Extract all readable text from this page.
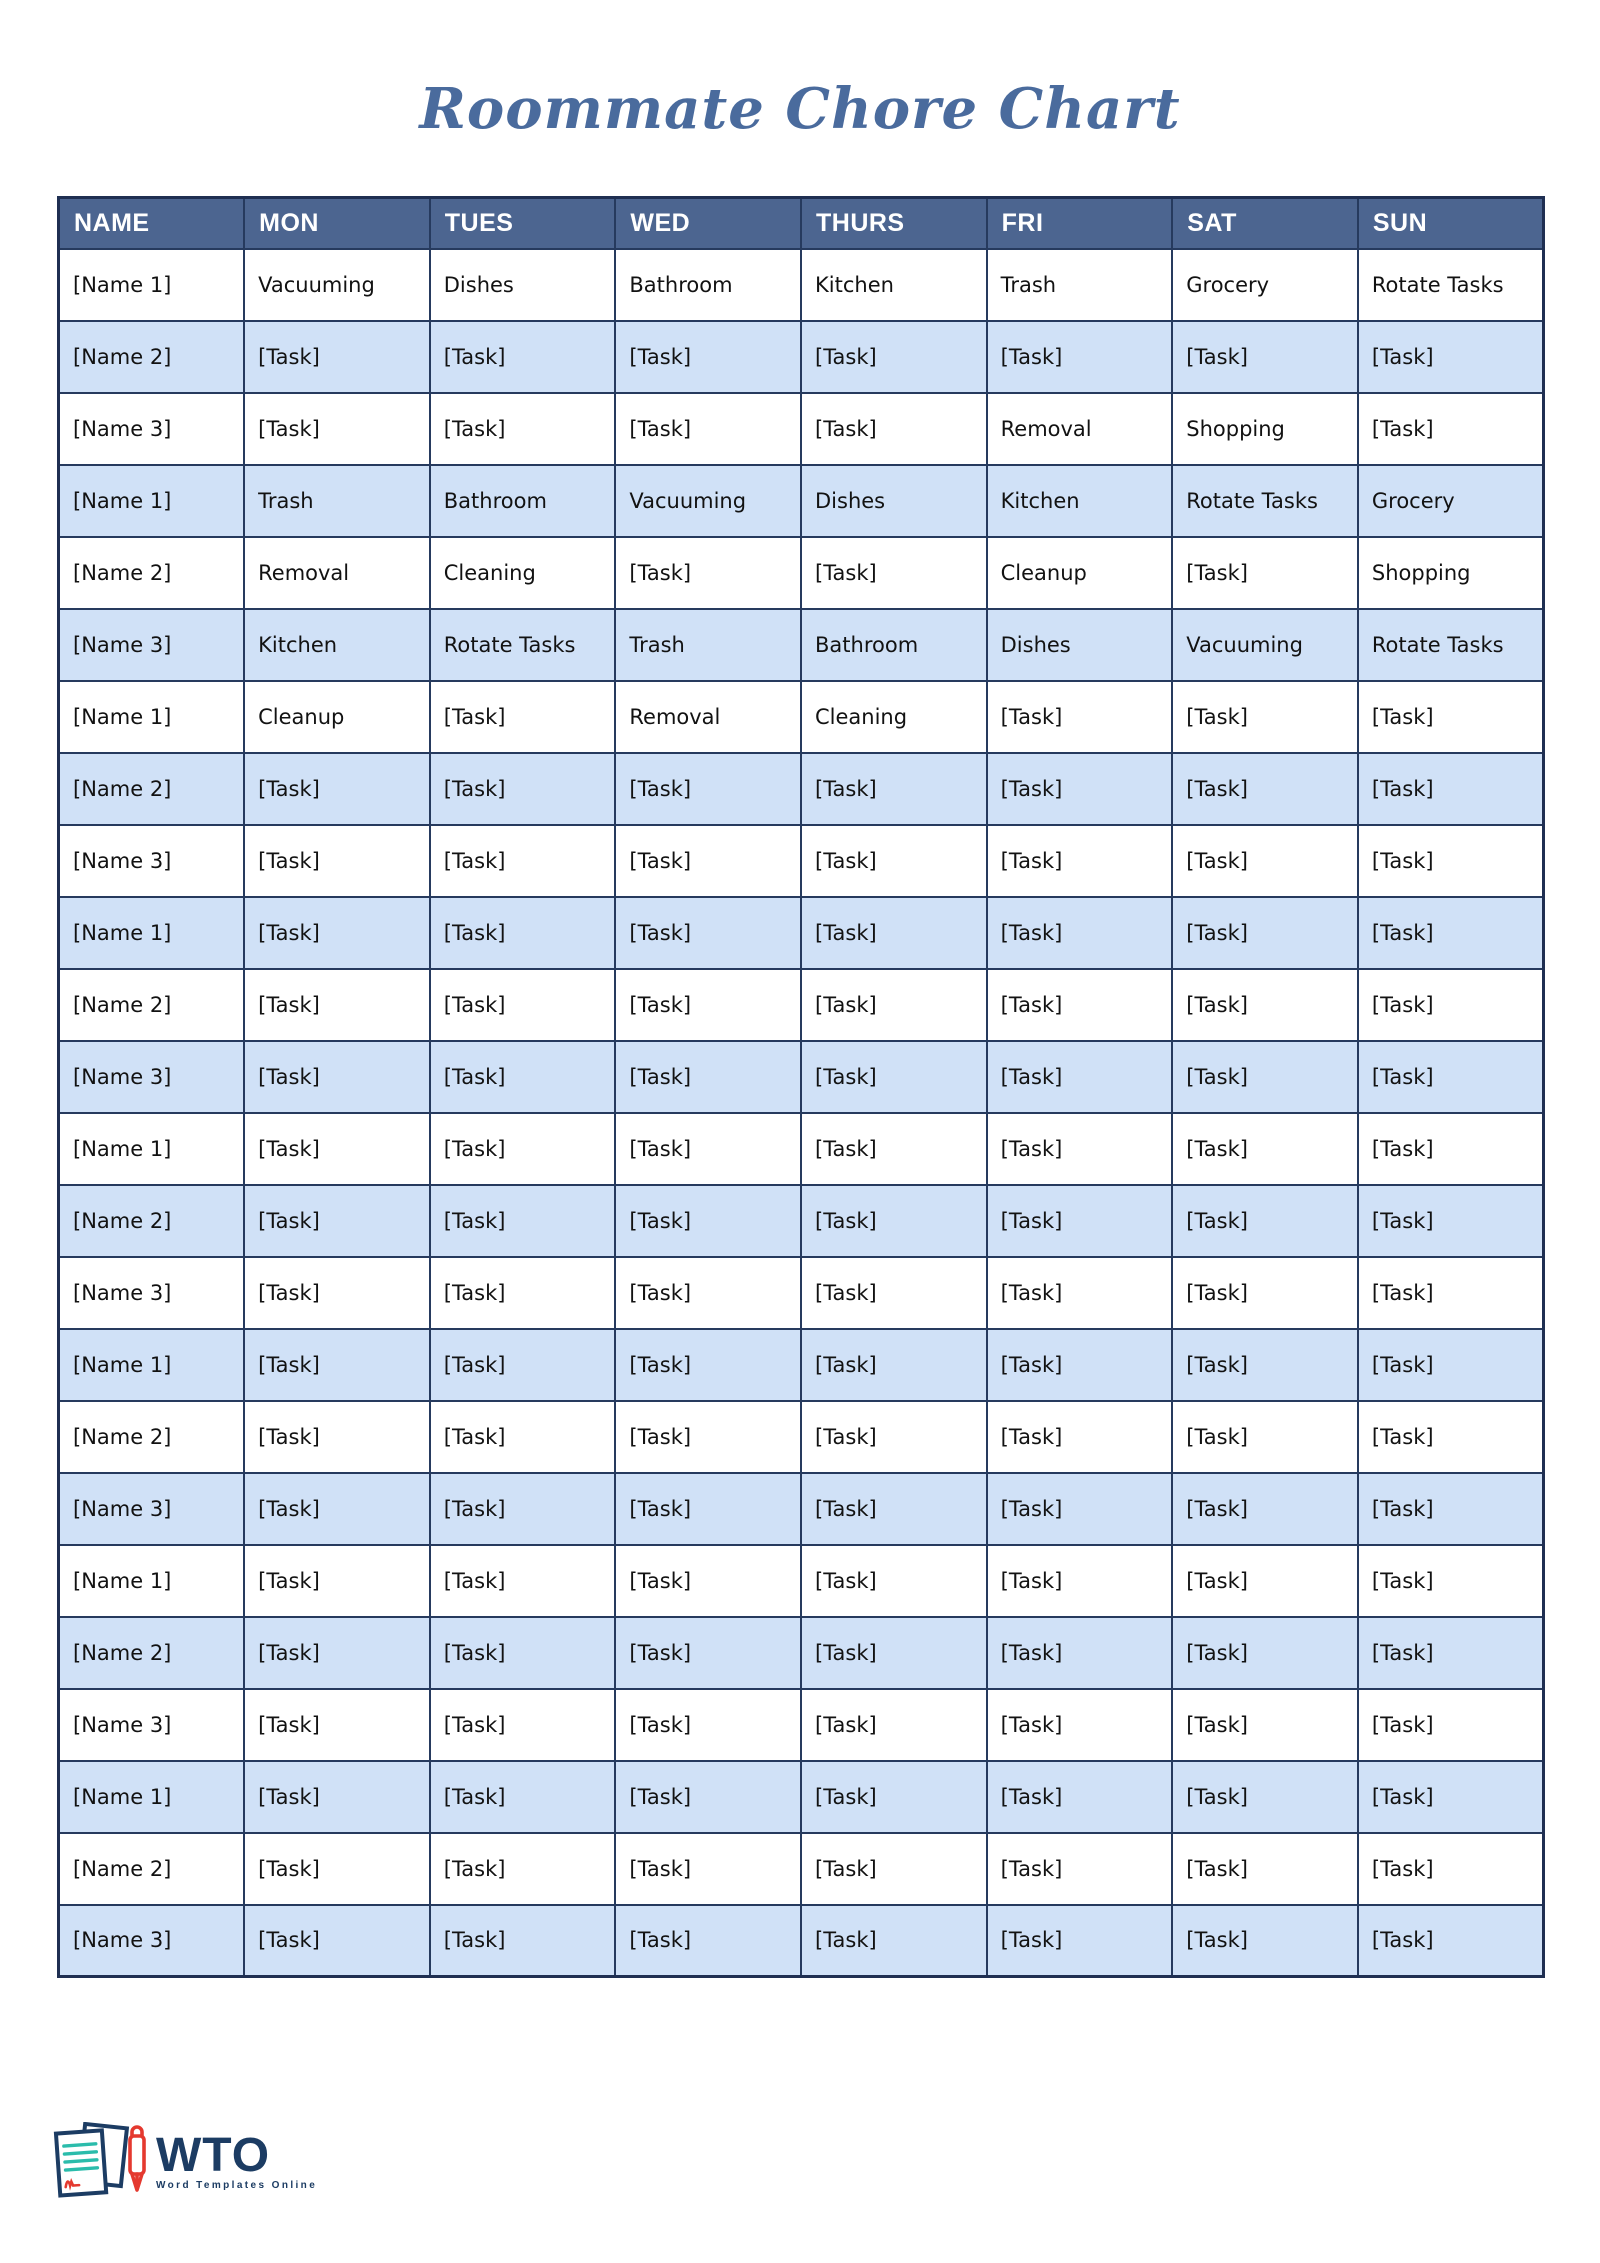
Roommate Chore Chart
NAME	MON	TUES	WED	THURS	FRI	SAT	SUN
[Name 1]	Vacuuming	Dishes	Bathroom	Kitchen	Trash	Grocery	Rotate Tasks
[Name 2]	[Task]	[Task]	[Task]	[Task]	[Task]	[Task]	[Task]
[Name 3]	[Task]	[Task]	[Task]	[Task]	Removal	Shopping	[Task]
[Name 1]	Trash	Bathroom	Vacuuming	Dishes	Kitchen	Rotate Tasks	Grocery
[Name 2]	Removal	Cleaning	[Task]	[Task]	Cleanup	[Task]	Shopping
[Name 3]	Kitchen	Rotate Tasks	Trash	Bathroom	Dishes	Vacuuming	Rotate Tasks
[Name 1]	Cleanup	[Task]	Removal	Cleaning	[Task]	[Task]	[Task]
[Name 2]	[Task]	[Task]	[Task]	[Task]	[Task]	[Task]	[Task]
[Name 3]	[Task]	[Task]	[Task]	[Task]	[Task]	[Task]	[Task]
[Name 1]	[Task]	[Task]	[Task]	[Task]	[Task]	[Task]	[Task]
[Name 2]	[Task]	[Task]	[Task]	[Task]	[Task]	[Task]	[Task]
[Name 3]	[Task]	[Task]	[Task]	[Task]	[Task]	[Task]	[Task]
[Name 1]	[Task]	[Task]	[Task]	[Task]	[Task]	[Task]	[Task]
[Name 2]	[Task]	[Task]	[Task]	[Task]	[Task]	[Task]	[Task]
[Name 3]	[Task]	[Task]	[Task]	[Task]	[Task]	[Task]	[Task]
[Name 1]	[Task]	[Task]	[Task]	[Task]	[Task]	[Task]	[Task]
[Name 2]	[Task]	[Task]	[Task]	[Task]	[Task]	[Task]	[Task]
[Name 3]	[Task]	[Task]	[Task]	[Task]	[Task]	[Task]	[Task]
[Name 1]	[Task]	[Task]	[Task]	[Task]	[Task]	[Task]	[Task]
[Name 2]	[Task]	[Task]	[Task]	[Task]	[Task]	[Task]	[Task]
[Name 3]	[Task]	[Task]	[Task]	[Task]	[Task]	[Task]	[Task]
[Name 1]	[Task]	[Task]	[Task]	[Task]	[Task]	[Task]	[Task]
[Name 2]	[Task]	[Task]	[Task]	[Task]	[Task]	[Task]	[Task]
[Name 3]	[Task]	[Task]	[Task]	[Task]	[Task]	[Task]	[Task]
WTO
Word Templates Online
